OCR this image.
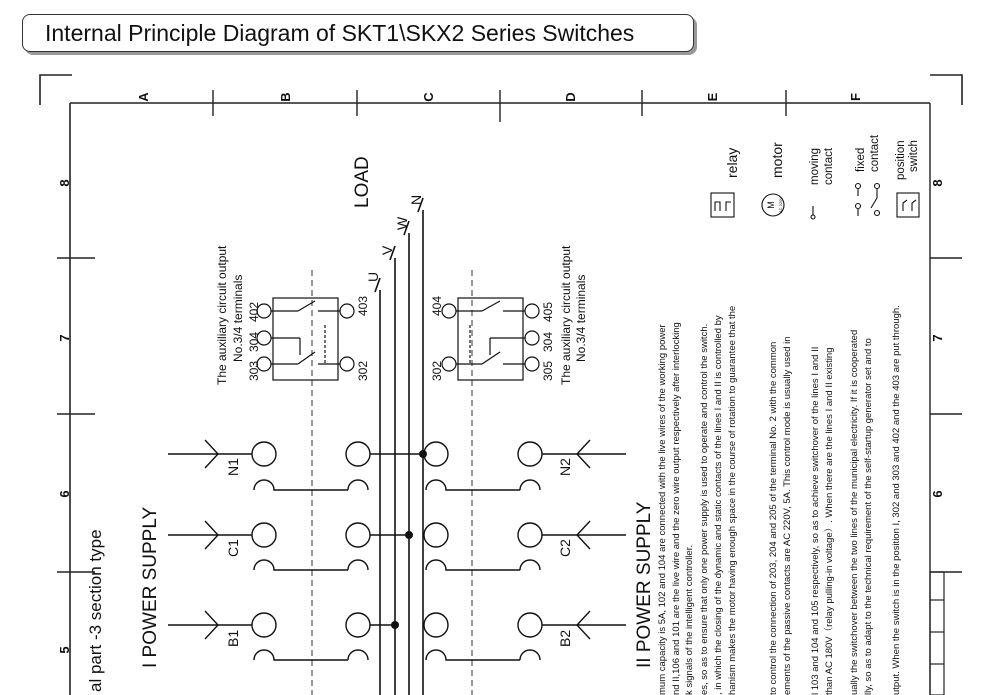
Internal Principle Diagram of SKT1\SKX2 Series Switches
A	B	C	D	E	F
8
7
6
5
8
7
6
LOAD
U
V
W
N
N1
C1
B1
N2
C2
B2
I POWER SUPPLY	II POWER SUPPLY
al part -3 section type
The auxiliary circuit output No.3/4 terminals
303
304
402
302
403	404
302	305
304
405 The auxiliary circuit output No.3/4 terminals
mum capacity is 5A, 102 and 104 are connected with the live wires of the working power nd II,106 and 101 are the live wire and the zero wire output respectively after interlocking k signals of the intelligent controller. es, so as to ensure that only one power supply is used to operate and control the switch. , in which the closing of the dynamic and static contacts of the lines I and II is controlled by hanism makes the motor having enough space in the course of rotation to guarantee that the	to control the connection of 203, 204 and 205 of the terminal No. 2 with the common ements of the passive contacts are AC 220V, 5A. This control mode is usually used in l 103 and 104 and 105 respectively, so as to achieve switchover of the lines I and II than AC 180V（relay pulling-in voltage）. When there are the lines I and II existing ually the switchover between the two lines of the municipal electricity. If it is cooperated lly, so as to adapt to the technical requirement of the self-startup generator set and to utput. When the switch is in the position I, 302 and 303 and 402 and the 403 are put through.
relay motor
M AC 220V
moving contact fixed contact position switch
